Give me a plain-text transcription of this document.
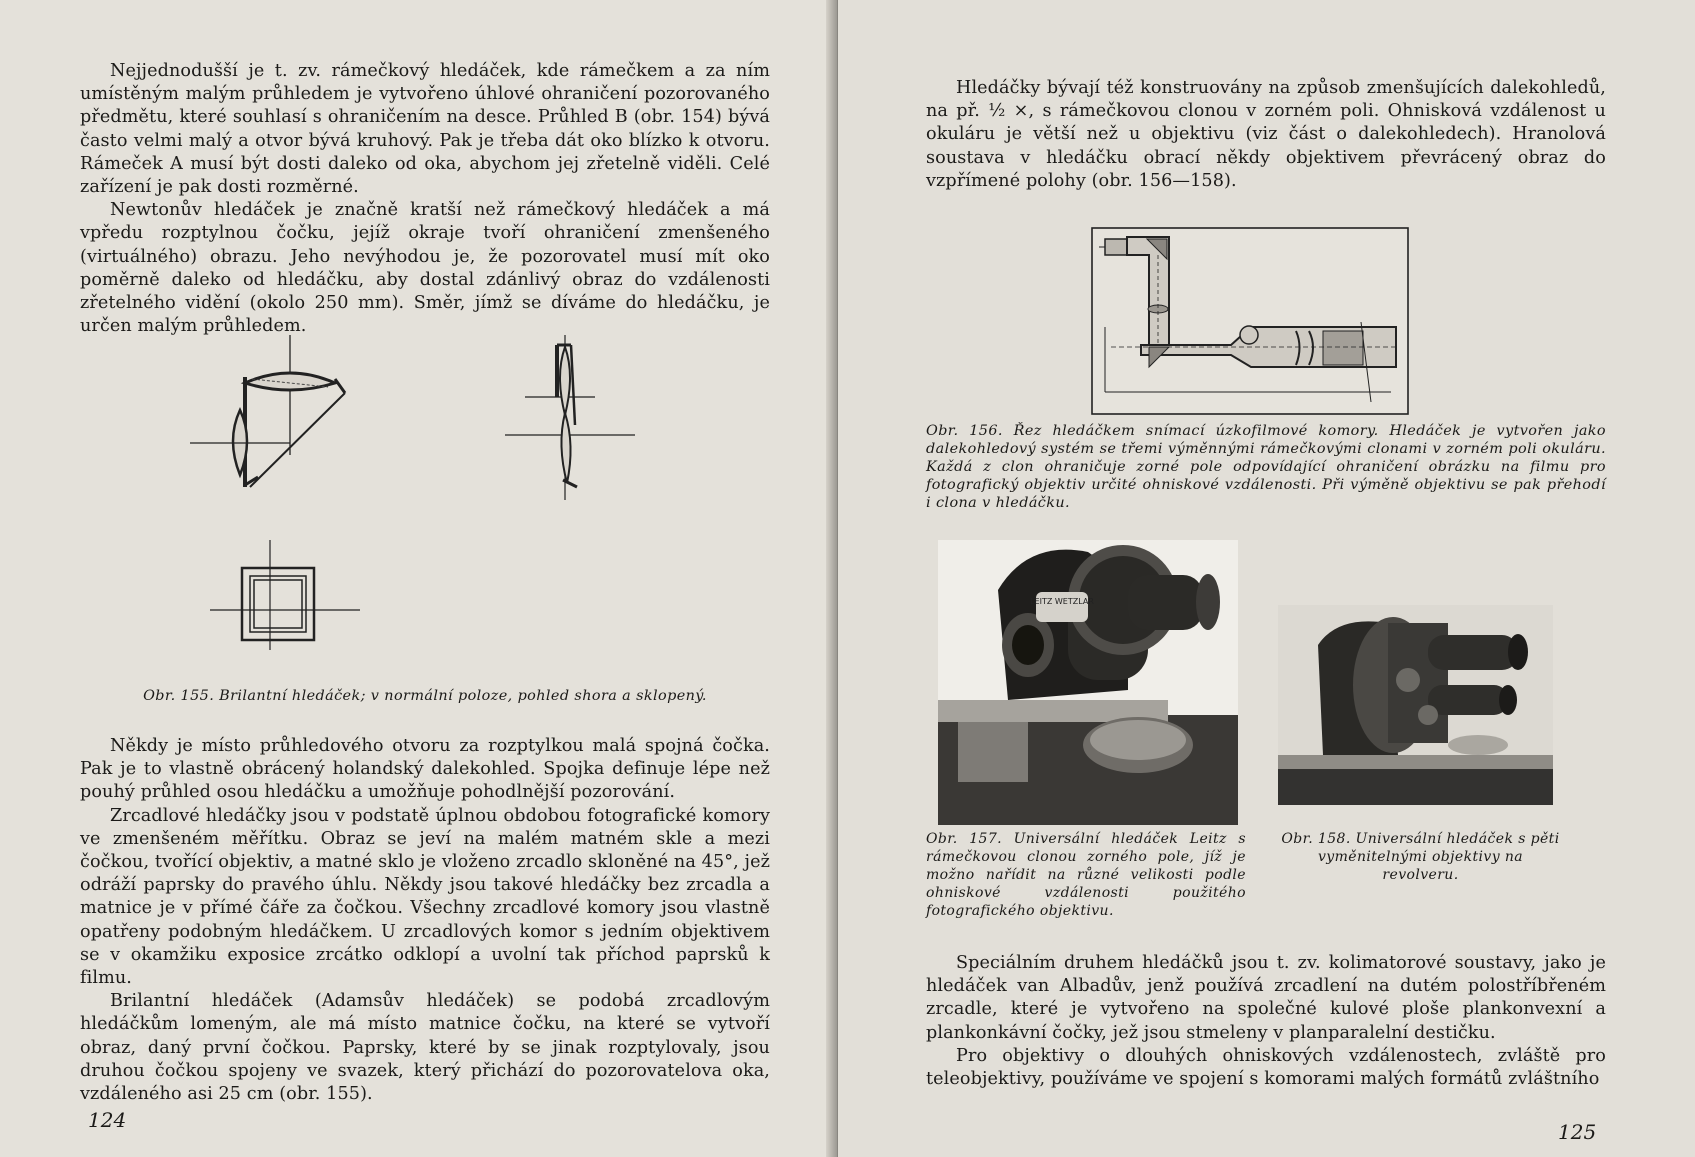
Nejjednodušší je t. zv. rámečkový hledáček, kde rámečkem a za ním umístěným malým průhledem je vytvořeno úhlové ohraničení pozorovaného předmětu, které souhlasí s ohraničením na desce. Průhled B (obr. 154) bývá často velmi malý a otvor bývá kruhový. Pak je třeba dát oko blízko k otvoru. Rámeček A musí být dosti daleko od oka, abychom jej zřetelně viděli. Celé zařízení je pak dosti rozměrné.

Newtonův hledáček je značně kratší než rámečkový hledáček a má vpředu rozptylnou čočku, jejíž okraje tvoří ohraničení zmenšeného (virtuálného) obrazu. Jeho nevýhodou je, že pozorovatel musí mít oko poměrně daleko od hledáčku, aby dostal zdánlivý obraz do vzdálenosti zřetelného vidění (okolo 250 mm). Směr, jímž se díváme do hledáčku, je určen malým průhledem.

Obr. 155. Brilantní hledáček; v normální poloze, pohled shora a sklopený.

Někdy je místo průhledového otvoru za rozptylkou malá spojná čočka. Pak je to vlastně obrácený holandský dalekohled. Spojka definuje lépe než pouhý průhled osou hledáčku a umožňuje pohodlnější pozorování.

Zrcadlové hledáčky jsou v podstatě úplnou obdobou fotografické komory ve zmenšeném měřítku. Obraz se jeví na malém matném skle a mezi čočkou, tvořící objektiv, a matné sklo je vloženo zrcadlo skloněné na 45°, jež odráží paprsky do pravého úhlu. Někdy jsou takové hledáčky bez zrcadla a matnice je v přímé čáře za čočkou. Všechny zrcadlové komory jsou vlastně opatřeny podobným hledáčkem. U zrcadlových komor s jedním objektivem se v okamžiku exposice zrcátko odklopí a uvolní tak příchod paprsků k filmu.

Brilantní hledáček (Adamsův hledáček) se podobá zrcadlovým hledáčkům lomeným, ale má místo matnice čočku, na které se vytvoří obraz, daný první čočkou. Paprsky, které by se jinak rozptylovaly, jsou druhou čočkou spojeny ve svazek, který přichází do pozorovatelova oka, vzdáleného asi 25 cm (obr. 155).

124

Hledáčky bývají též konstruovány na způsob zmenšujících dalekohledů, na př. ½ ×, s rámečkovou clonou v zorném poli. Ohnisková vzdálenost u okuláru je větší než u objektivu (viz část o dalekohledech). Hranolová soustava v hledáčku obrací někdy objektivem převrácený obraz do vzpřímené polohy (obr. 156—158).

Obr. 156. Řez hledáčkem snímací úzkofilmové komory. Hledáček je vytvořen jako dalekohledový systém se třemi výměnnými rámečkovými clonami v zorném poli okuláru. Každá z clon ohraničuje zorné pole odpovídající ohraničení obrázku na filmu pro fotografický objektiv určité ohniskové vzdálenosti. Při výměně objektivu se pak přehodí i clona v hledáčku.
LEITZ WETZLAR
Obr. 157. Universální hledáček Leitz s rámečkovou clonou zorného pole, jíž je možno nařídit na různé velikosti podle ohniskové vzdálenosti použitého fotografického objektivu.
Obr. 158. Universální hledáček s pěti vyměnitelnými objektivy na revolveru.

Speciálním druhem hledáčků jsou t. zv. kolimatorové soustavy, jako je hledáček van Albadův, jenž používá zrcadlení na dutém polostříbřeném zrcadle, které je vytvořeno na společné kulové ploše plankonvexní a plankonkávní čočky, jež jsou stmeleny v planparalelní destičku.

Pro objektivy o dlouhých ohniskových vzdálenostech, zvláště pro teleobjektivy, používáme ve spojení s komorami malých formátů zvláštního

125
